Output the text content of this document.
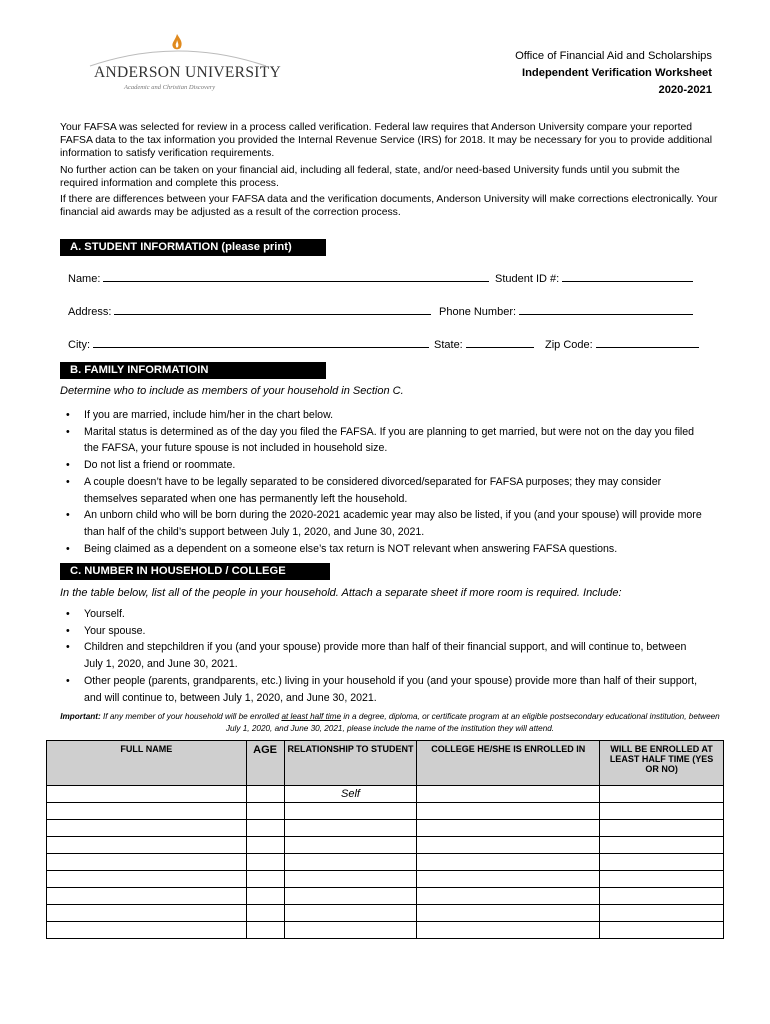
ANDERSON UNIVERSITY
Academic and Christian Discovery
Office of Financial Aid and Scholarships
Independent Verification Worksheet
2020-2021

Your FAFSA was selected for review in a process called verification. Federal law requires that Anderson University compare your reported FAFSA data to the tax information you provided the Internal Revenue Service (IRS) for 2018. It may be necessary for you to provide additional information to satisfy verification requirements.

No further action can be taken on your financial aid, including all federal, state, and/or need-based University funds until you submit the required information and complete this process.

If there are differences between your FAFSA data and the verification documents, Anderson University will make corrections electronically. Your financial aid awards may be adjusted as a result of the correction process.

A. STUDENT INFORMATION (please print)
Name:	Student ID #:
Address:	Phone Number:
City:	State:	Zip Code:
B. FAMILY INFORMATIOIN
Determine who to include as members of your household in Section C.
• If you are married, include him/her in the chart below.
• Marital status is determined as of the day you filed the FAFSA. If you are planning to get married, but were not on the day you filed the FAFSA, your future spouse is not included in household size.
• Do not list a friend or roommate.
• A couple doesn’t have to be legally separated to be considered divorced/separated for FAFSA purposes; they may consider themselves separated when one has permanently left the household.
• An unborn child who will be born during the 2020-2021 academic year may also be listed, if you (and your spouse) will provide more than half of the child’s support between July 1, 2020, and June 30, 2021.
• Being claimed as a dependent on a someone else’s tax return is NOT relevant when answering FAFSA questions.
C. NUMBER IN HOUSEHOLD / COLLEGE
In the table below, list all of the people in your household. Attach a separate sheet if more room is required. Include:
• Yourself.
• Your spouse.
• Children and stepchildren if you (and your spouse) provide more than half of their financial support, and will continue to, between July 1, 2020, and June 30, 2021.
• Other people (parents, grandparents, etc.) living in your household if you (and your spouse) provide more than half of their support, and will continue to, between July 1, 2020, and June 30, 2021.
Important: If any member of your household will be enrolled at least half time in a degree, diploma, or certificate program at an eligible postsecondary educational institution, between July 1, 2020, and June 30, 2021, please include the name of the institution they will attend.
FULL NAME	AGE	RELATIONSHIP TO STUDENT	COLLEGE HE/SHE IS ENROLLED IN	WILL BE ENROLLED AT LEAST HALF TIME (YES OR NO)
		Self		
